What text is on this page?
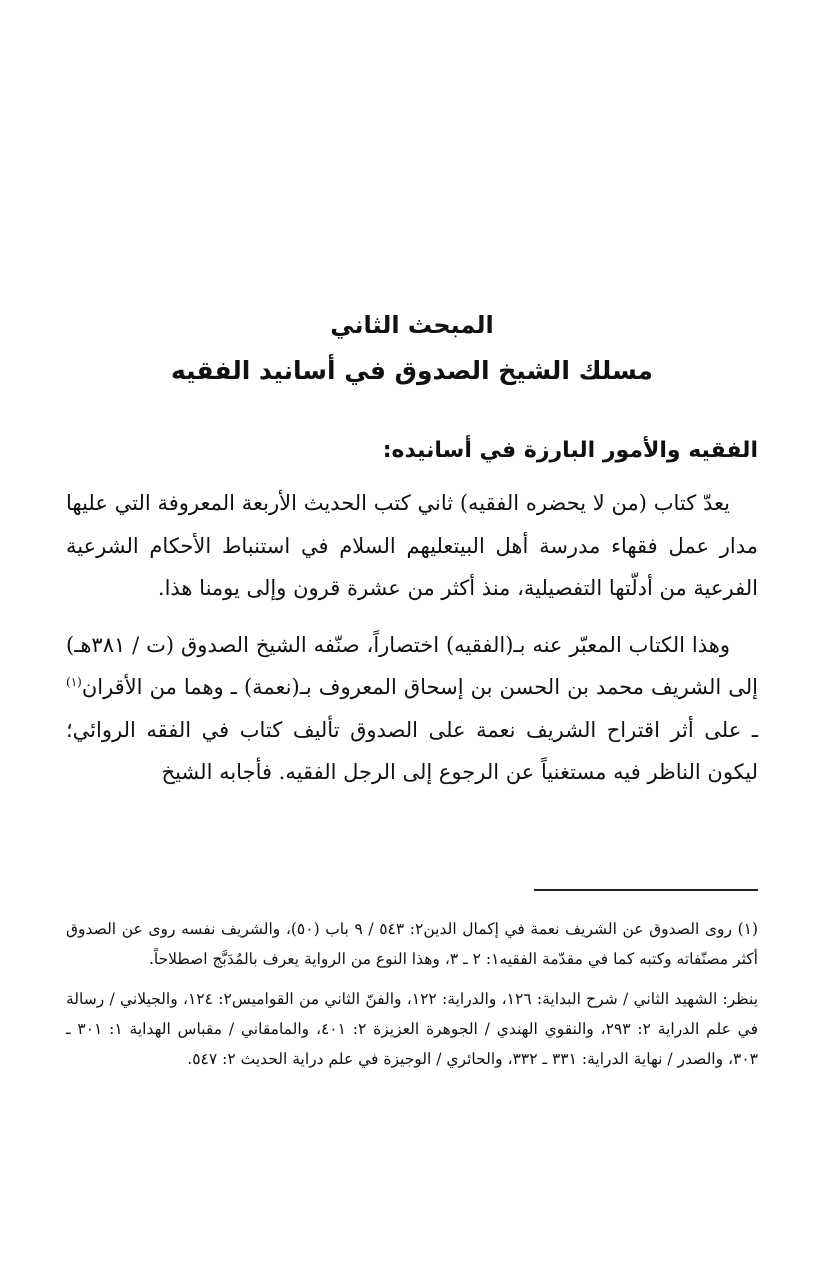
المبحث الثاني
مسلك الشيخ الصدوق في أسانيد الفقيه
الفقيه والأمور البارزة في أسانيده:

يعدّ كتاب (من لا يحضره الفقيه) ثاني كتب الحديث الأربعة المعروفة التي عليها مدار عمل فقهاء مدرسة أهل البيتعليهم السلام في استنباط الأحكام الشرعية الفرعية من أدلّتها التفصيلية، منذ أكثر من عشرة قرون وإلى يومنا هذا.

وهذا الكتاب المعبّر عنه بـ(الفقيه) اختصاراً، صنّفه الشيخ الصدوق (ت / ٣٨١هـ) إلى الشريف محمد بن الحسن بن إسحاق المعروف بـ(نعمة) ـ وهما من الأقران$^{(١)}$ ـ على أثر اقتراح الشريف نعمة على الصدوق تأليف كتاب في الفقه الروائي؛ ليكون الناظر فيه مستغنياً عن الرجوع إلى الرجل الفقيه. فأجابه الشيخ

(١) روى الصدوق عن الشريف نعمة في إكمال الدين٢: ٥٤٣ / ٩ باب (٥٠)، والشريف نفسه روى عن الصدوق أكثر مصنّفاته وكتبه كما في مقدّمة الفقيه١: ٢ ـ ٣، وهذا النوع من الرواية يعرف بالمُدَبَّج اصطلاحاً.

ينظر: الشهيد الثاني / شرح البداية: ١٢٦، والدراية: ١٢٢، والفنّ الثاني من القواميس٢: ١٢٤، والجيلاني / رسالة في علم الدراية ٢: ٢٩٣، والنقوي الهندي / الجوهرة العزيزة ٢: ٤٠١، والمامقاني / مقباس الهداية ١: ٣٠١ ـ ٣٠٣، والصدر / نهاية الدراية: ٣٣١ ـ ٣٣٢، والحائري / الوجيزة في علم دراية الحديث ٢: ٥٤٧.
